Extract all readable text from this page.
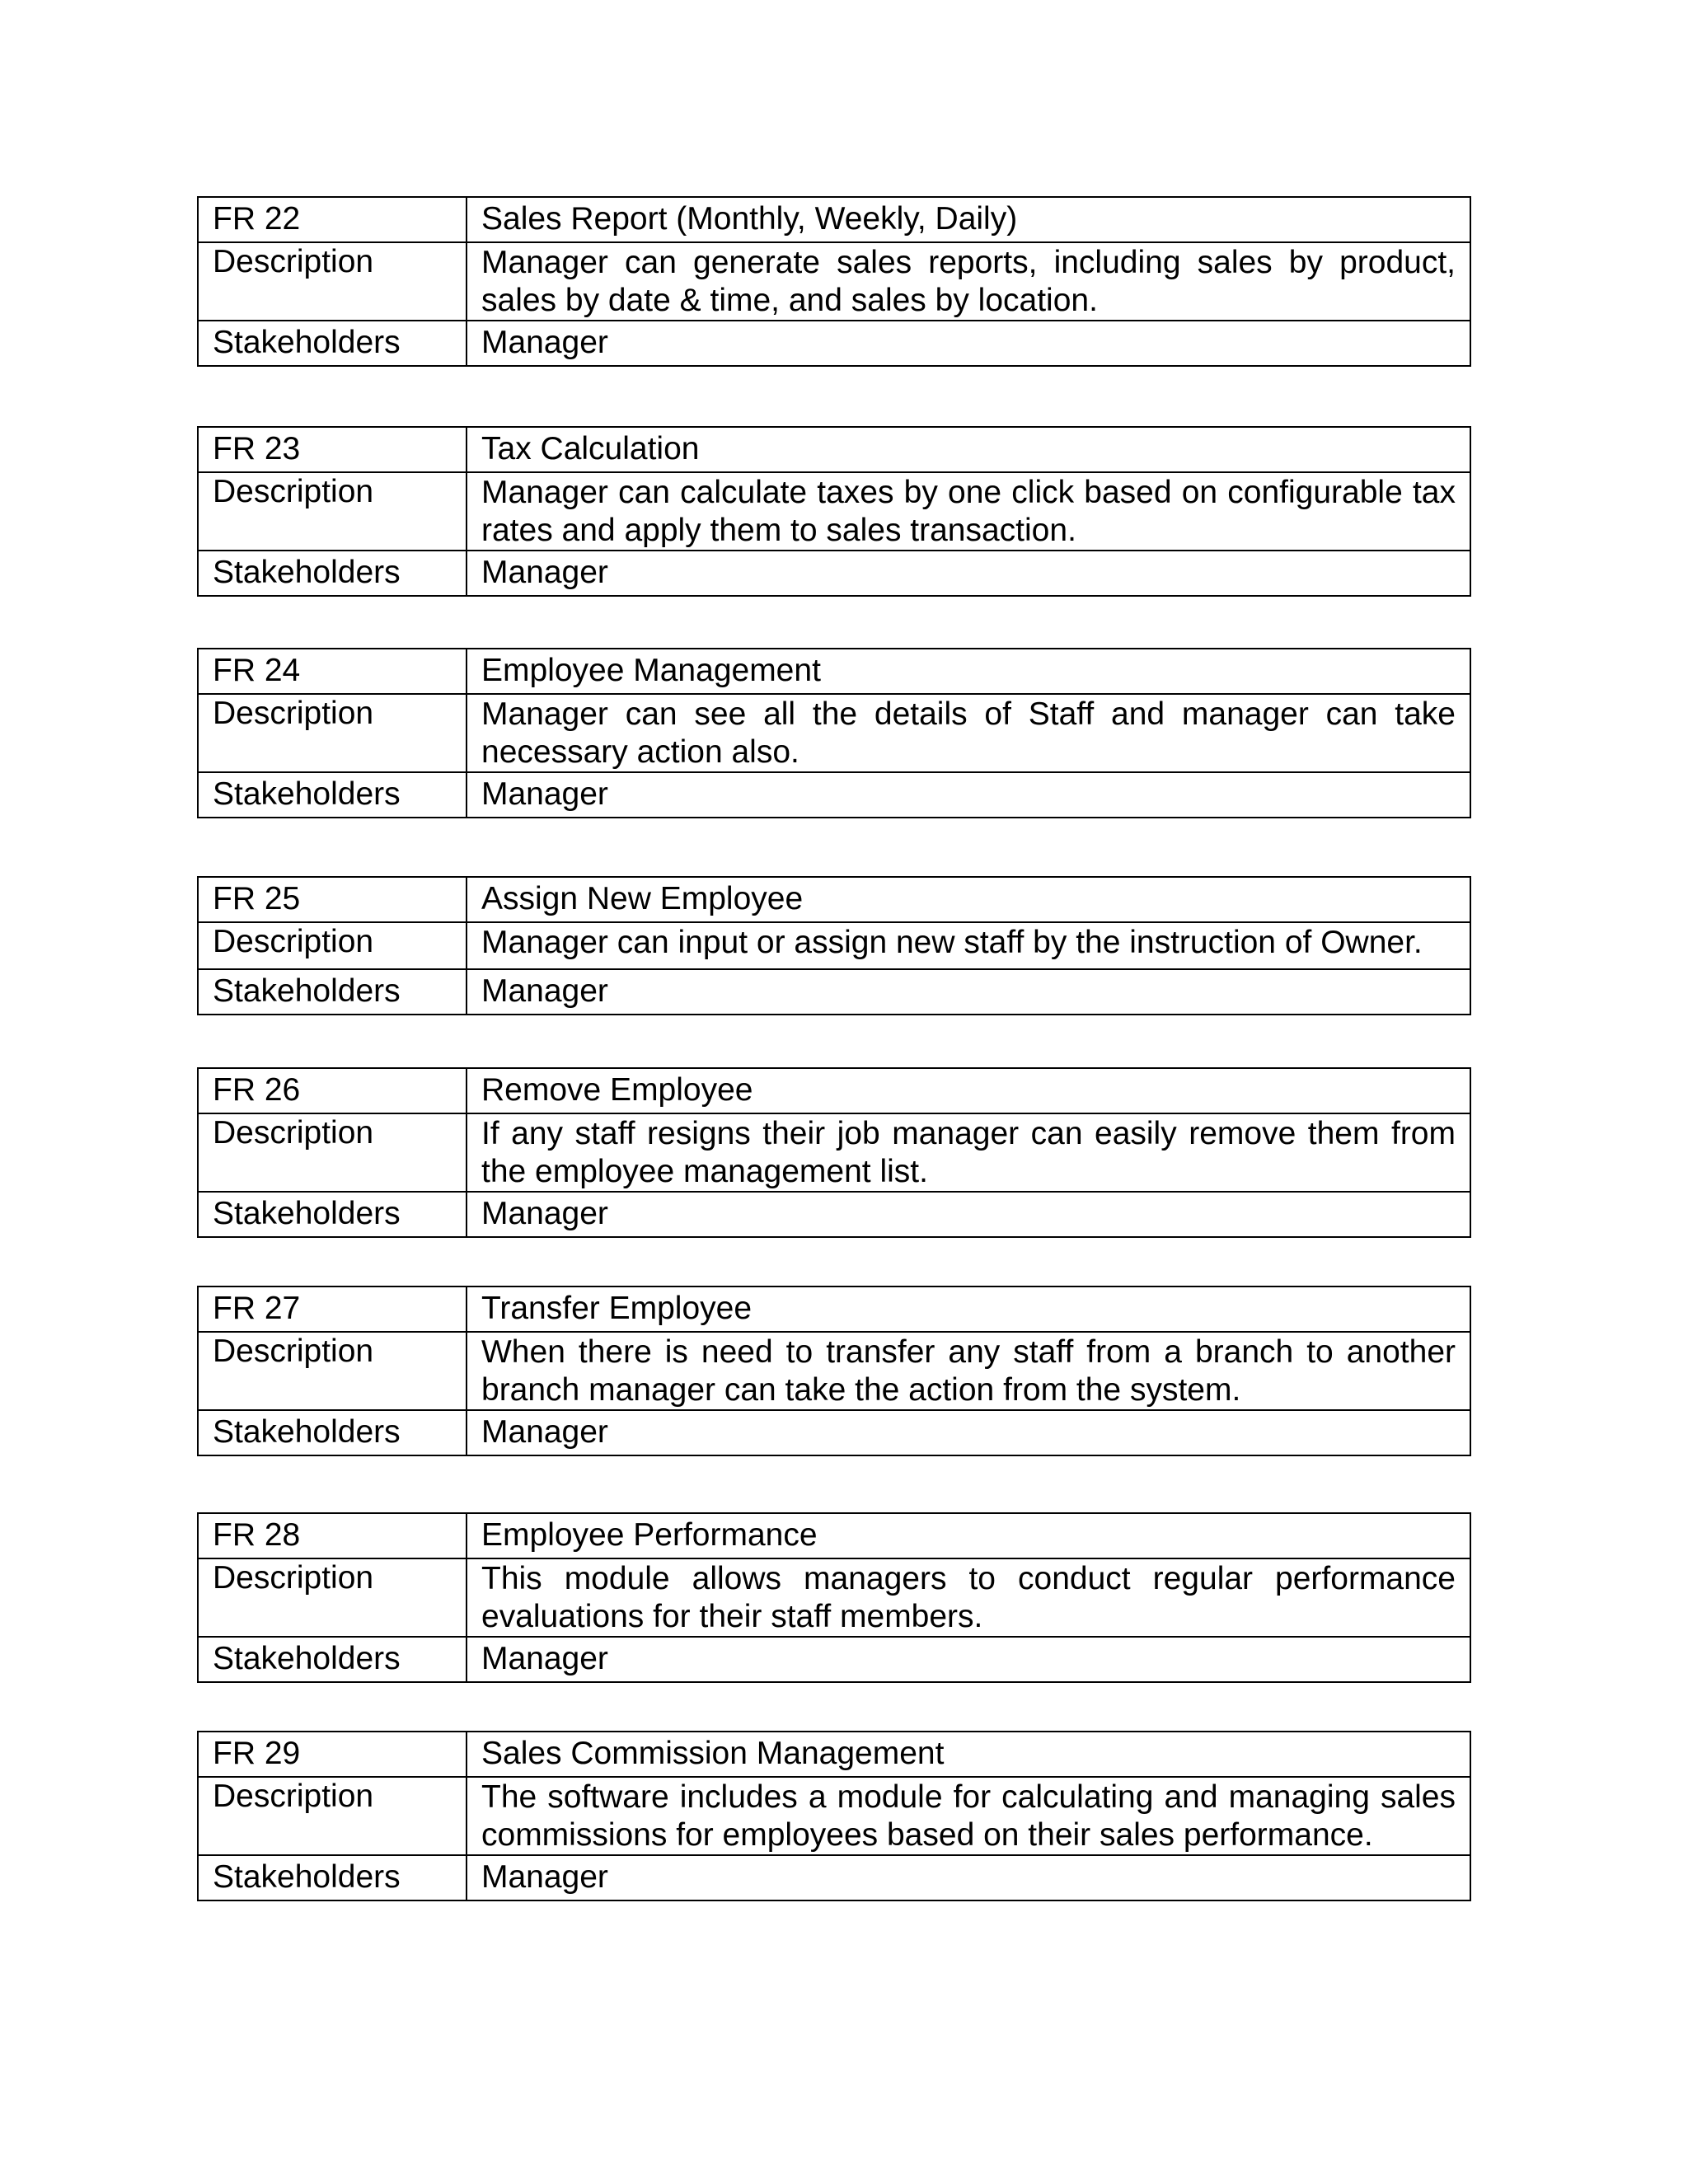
FR 22	Sales Report (Monthly, Weekly, Daily)

Description	Manager can generate sales reports, including sales by product, sales by date & time, and sales by location.

Stakeholders	Manager
FR 23	Tax Calculation

Description	Manager can calculate taxes by one click based on configurable tax rates and apply them to sales transaction.

Stakeholders	Manager
FR 24	Employee Management

Description	Manager can see all the details of Staff and manager can take necessary action also.

Stakeholders	Manager
FR 25	Assign New Employee

Description	Manager can input or assign new staff by the instruction of Owner.

Stakeholders	Manager
FR 26	Remove Employee

Description	If any staff resigns their job manager can easily remove them from the employee management list.

Stakeholders	Manager
FR 27	Transfer Employee

Description	When there is need to transfer any staff from a branch to another branch manager can take the action from the system.

Stakeholders	Manager
FR 28	Employee Performance

Description	This module allows managers to conduct regular performance evaluations for their staff members.

Stakeholders	Manager
FR 29	Sales Commission Management

Description	The software includes a module for calculating and managing sales commissions for employees based on their sales performance.

Stakeholders	Manager
